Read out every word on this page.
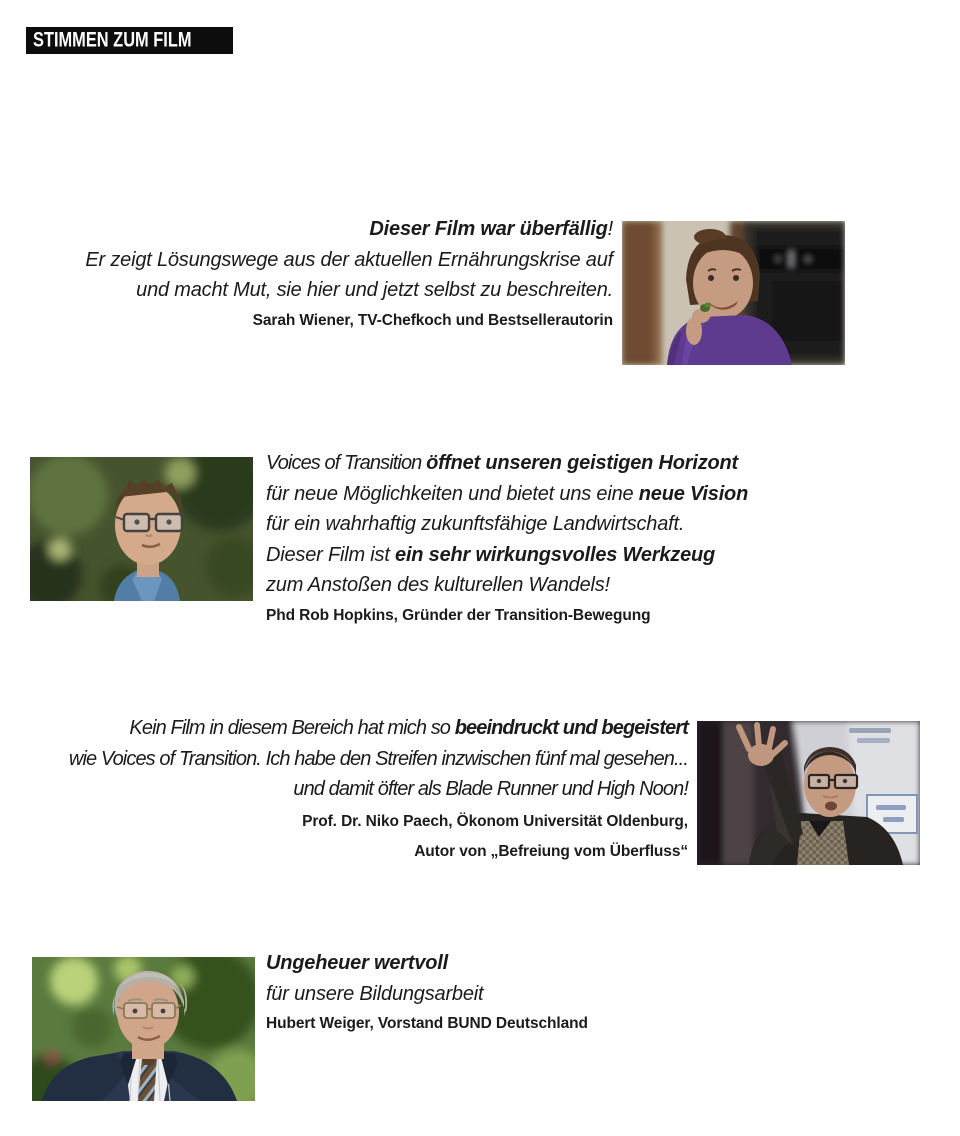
STIMMEN ZUM FILM
Dieser Film war überfällig!
Er zeigt Lösungswege aus der aktuellen Ernährungskrise auf
und macht Mut, sie hier und jetzt selbst zu beschreiten.
Sarah Wiener, TV-Chefkoch und Bestsellerautorin
Voices of Transition öffnet unseren geistigen Horizont
für neue Möglichkeiten und bietet uns eine neue Vision
für ein wahrhaftig zukunftsfähige Landwirtschaft.
Dieser Film ist ein sehr wirkungsvolles Werkzeug
zum Anstoßen des kulturellen Wandels!
Phd Rob Hopkins, Gründer der Transition-Bewegung
Kein Film in diesem Bereich hat mich so beeindruckt und begeistert
wie Voices of Transition. Ich habe den Streifen inzwischen fünf mal gesehen...
und damit öfter als Blade Runner und High Noon!
Prof. Dr. Niko Paech, Ökonom Universität Oldenburg,
Autor von „Befreiung vom Überfluss“
Ungeheuer wertvoll
für unsere Bildungsarbeit
Hubert Weiger, Vorstand BUND Deutschland
